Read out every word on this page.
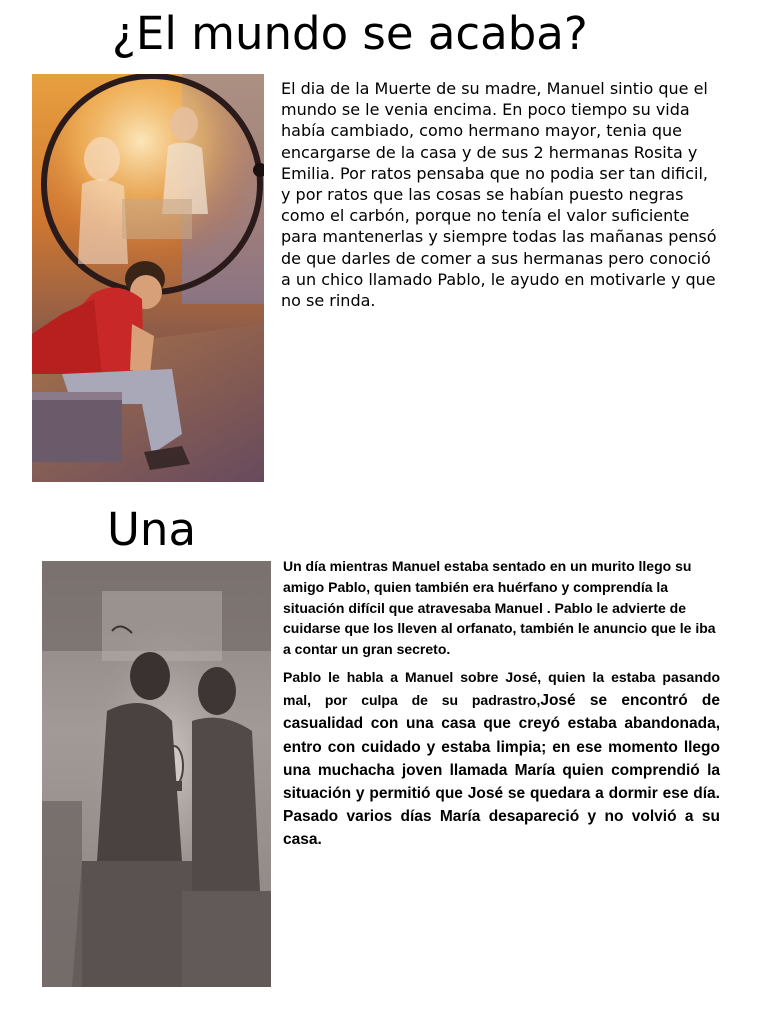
¿El mundo se acaba?

El dia de la Muerte de su madre, Manuel sintio que el mundo se le venia encima. En poco tiempo su vida había cambiado, como hermano mayor, tenia que encargarse de la casa y de sus 2 hermanas Rosita y Emilia. Por ratos pensaba que no podia ser tan dificil, y por ratos que las cosas se habían puesto negras como el carbón, porque no tenía el valor suficiente para mantenerlas y siempre todas las mañanas pensó de que darles de comer a sus hermanas pero conoció a un chico llamado Pablo, le ayudo en motivarle y que no se rinda.

Una

Un día mientras Manuel estaba sentado en un murito llego su amigo Pablo, quien también era huérfano y comprendía la situación difícil que atravesaba Manuel . Pablo le advierte de cuidarse que los lleven al orfanato, también le anuncio que le iba a contar un gran secreto.

Pablo le habla a Manuel sobre José, quien la estaba pasando mal, por culpa de su padrastro,José se encontró de casualidad con una casa que creyó estaba abandonada, entro con cuidado y estaba limpia; en ese momento llego una muchacha joven llamada María quien comprendió la situación y permitió que José se quedara a dormir ese día. Pasado varios días María desapareció y no volvió a su casa.
